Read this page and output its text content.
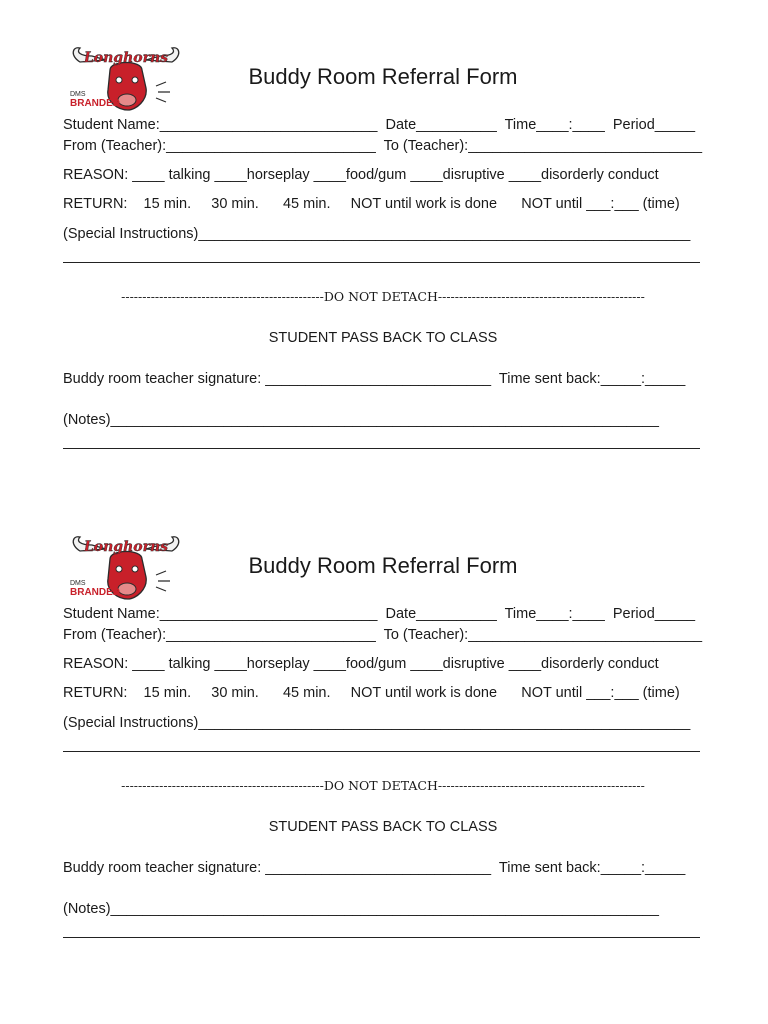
Longhorns
DMS
BRANDED
Buddy Room Referral Form
Student Name:___________________________  Date__________  Time____:____  Period_____
From (Teacher):__________________________  To (Teacher):_____________________________
REASON: ____ talking ____horseplay ____food/gum ____disruptive ____disorderly conduct
RETURN:    15 min.     30 min.      45 min.     NOT until work is done      NOT until ___:___ (time)
(Special Instructions)_____________________________________________________________
------------------------------------------------DO NOT DETACH-------------------------------------------------
STUDENT PASS BACK TO CLASS
Buddy room teacher signature: ____________________________  Time sent back:_____:_____
(Notes)____________________________________________________________________
Longhorns
DMS
BRANDED
Buddy Room Referral Form
Student Name:___________________________  Date__________  Time____:____  Period_____
From (Teacher):__________________________  To (Teacher):_____________________________
REASON: ____ talking ____horseplay ____food/gum ____disruptive ____disorderly conduct
RETURN:    15 min.     30 min.      45 min.     NOT until work is done      NOT until ___:___ (time)
(Special Instructions)_____________________________________________________________
------------------------------------------------DO NOT DETACH-------------------------------------------------
STUDENT PASS BACK TO CLASS
Buddy room teacher signature: ____________________________  Time sent back:_____:_____
(Notes)____________________________________________________________________
